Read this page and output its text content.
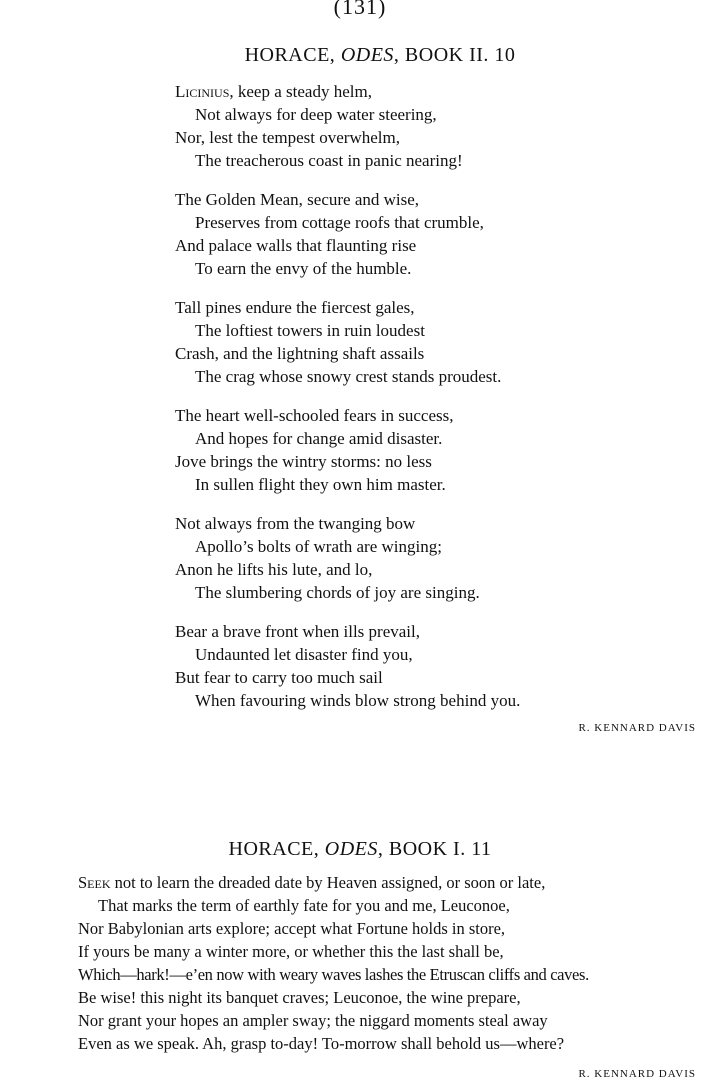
(131)
HORACE, ODES, BOOK II. 10
Licinius, keep a steady helm,
Not always for deep water steering,
Nor, lest the tempest overwhelm,
The treacherous coast in panic nearing!
The Golden Mean, secure and wise,
Preserves from cottage roofs that crumble,
And palace walls that flaunting rise
To earn the envy of the humble.
Tall pines endure the fiercest gales,
The loftiest towers in ruin loudest
Crash, and the lightning shaft assails
The crag whose snowy crest stands proudest.
The heart well-schooled fears in success,
And hopes for change amid disaster.
Jove brings the wintry storms: no less
In sullen flight they own him master.
Not always from the twanging bow
Apollo’s bolts of wrath are winging;
Anon he lifts his lute, and lo,
The slumbering chords of joy are singing.
Bear a brave front when ills prevail,
Undaunted let disaster find you,
But fear to carry too much sail
When favouring winds blow strong behind you.
R. KENNARD DAVIS
HORACE, ODES, BOOK I. 11
Seek not to learn the dreaded date by Heaven assigned, or soon or late,
That marks the term of earthly fate for you and me, Leuconoe,
Nor Babylonian arts explore; accept what Fortune holds in store,
If yours be many a winter more, or whether this the last shall be,
Which—hark!—e’en now with weary waves lashes the Etruscan cliffs and caves.
Be wise! this night its banquet craves; Leuconoe, the wine prepare,
Nor grant your hopes an ampler sway; the niggard moments steal away
Even as we speak. Ah, grasp to-day! To-morrow shall behold us—where?
R. KENNARD DAVIS
